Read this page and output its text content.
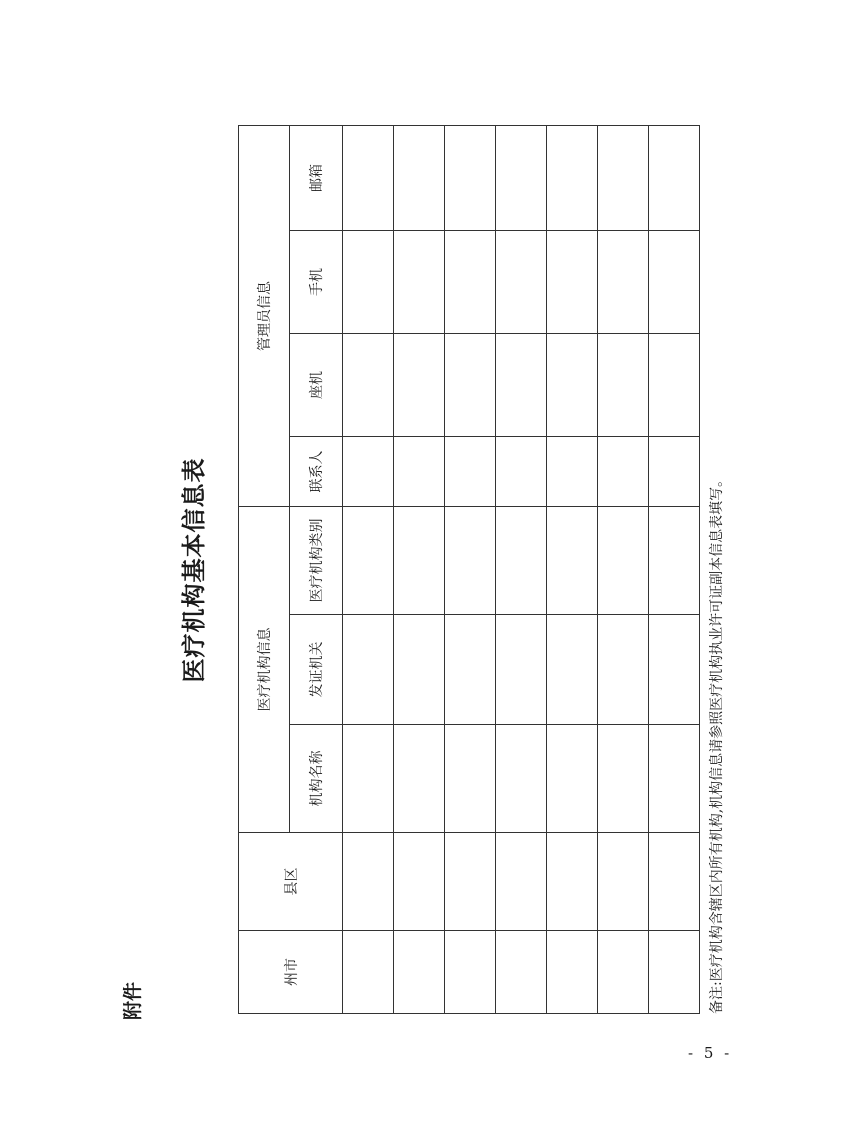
附件
医疗机构基本信息表
州市	县区	医疗机构信息			管理员信息			
		机构名称	发证机关	医疗机构类别	联系人	座机	手机	邮箱

备注:医疗机构含辖区内所有机构,机构信息请参照医疗机构执业许可证副本信息表填写。
- 5 -
